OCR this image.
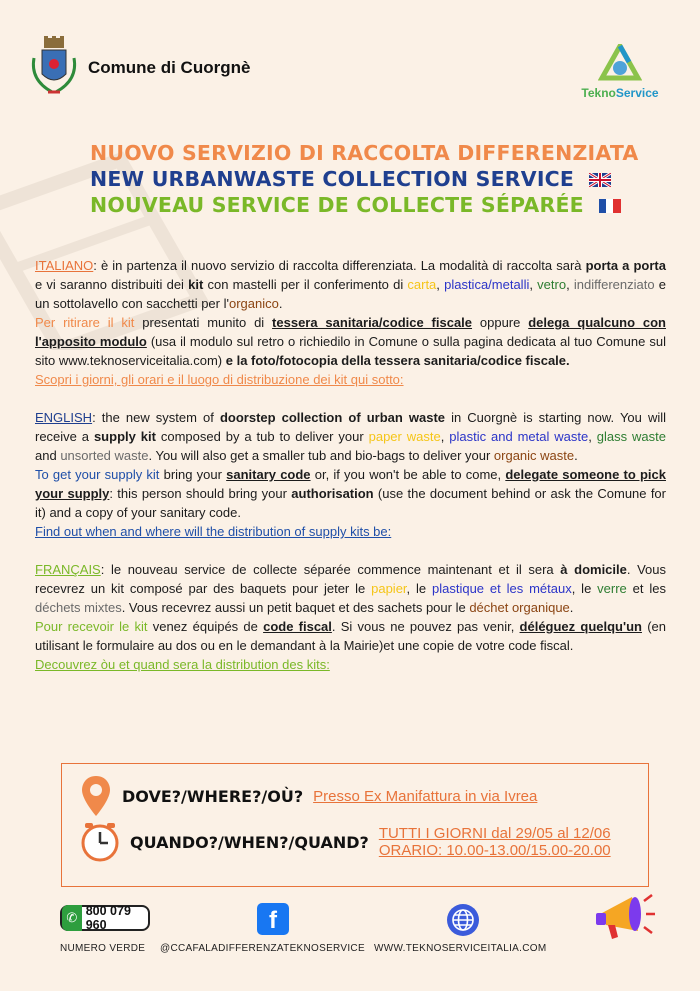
Comune di Cuorgnè
TeknoService
NUOVO SERVIZIO DI RACCOLTA DIFFERENZIATA
NEW URBANWASTE COLLECTION SERVICE
NOUVEAU SERVICE DE COLLECTE SÉPARÉE

ITALIANO: è in partenza il nuovo servizio di raccolta differenziata. La modalità di raccolta sarà porta a porta e vi saranno distribuiti dei kit con mastelli per il conferimento di carta, plastica/metalli, vetro, indifferenziato e un sottolavello con sacchetti per l'organico.

Per ritirare il kit presentati munito di tessera sanitaria/codice fiscale oppure delega qualcuno con l'apposito modulo (usa il modulo sul retro o richiedilo in Comune o sulla pagina dedicata al tuo Comune sul sito www.teknoserviceitalia.com) e la foto/fotocopia della tessera sanitaria/codice fiscale.

Scopri i giorni, gli orari e il luogo di distribuzione dei kit qui sotto:

ENGLISH: the new system of doorstep collection of urban waste in Cuorgnè is starting now. You will receive a supply kit composed by a tub to deliver your paper waste, plastic and metal waste, glass waste and unsorted waste. You will also get a smaller tub and bio-bags to deliver your organic waste.

To get your supply kit bring your sanitary code or, if you won't be able to come, delegate someone to pick your supply: this person should bring your authorisation (use the document behind or ask the Comune for it) and a copy of your sanitary code.

Find out when and where will the distribution of supply kits be:

FRANÇAIS: le nouveau service de collecte séparée commence maintenant et il sera à domicile. Vous recevrez un kit composé par des baquets pour jeter le papier, le plastique et les métaux, le verre et les déchets mixtes. Vous recevrez aussi un petit baquet et des sachets pour le déchet organique.

Pour recevoir le kit venez équipés de code fiscal. Si vous ne pouvez pas venir, déléguez quelqu'un (en utilisant le formulaire au dos ou en le demandant à la Mairie)et une copie de votre code fiscal.

Decouvrez òu et quand sera la distribution des kits:

DOVE?/WHERE?/OÙ? Presso Ex Manifattura in via Ivrea
QUANDO?/WHEN?/QUAND? TUTTI I GIORNI dal 29/05 al 12/06
ORARIO: 10.00-13.00/15.00-20.00
✆ 800 079 960
NUMERO VERDE
f
@CCAFALADIFFERENZATEKNOSERVICE WWW.TEKNOSERVICEITALIA.COM
